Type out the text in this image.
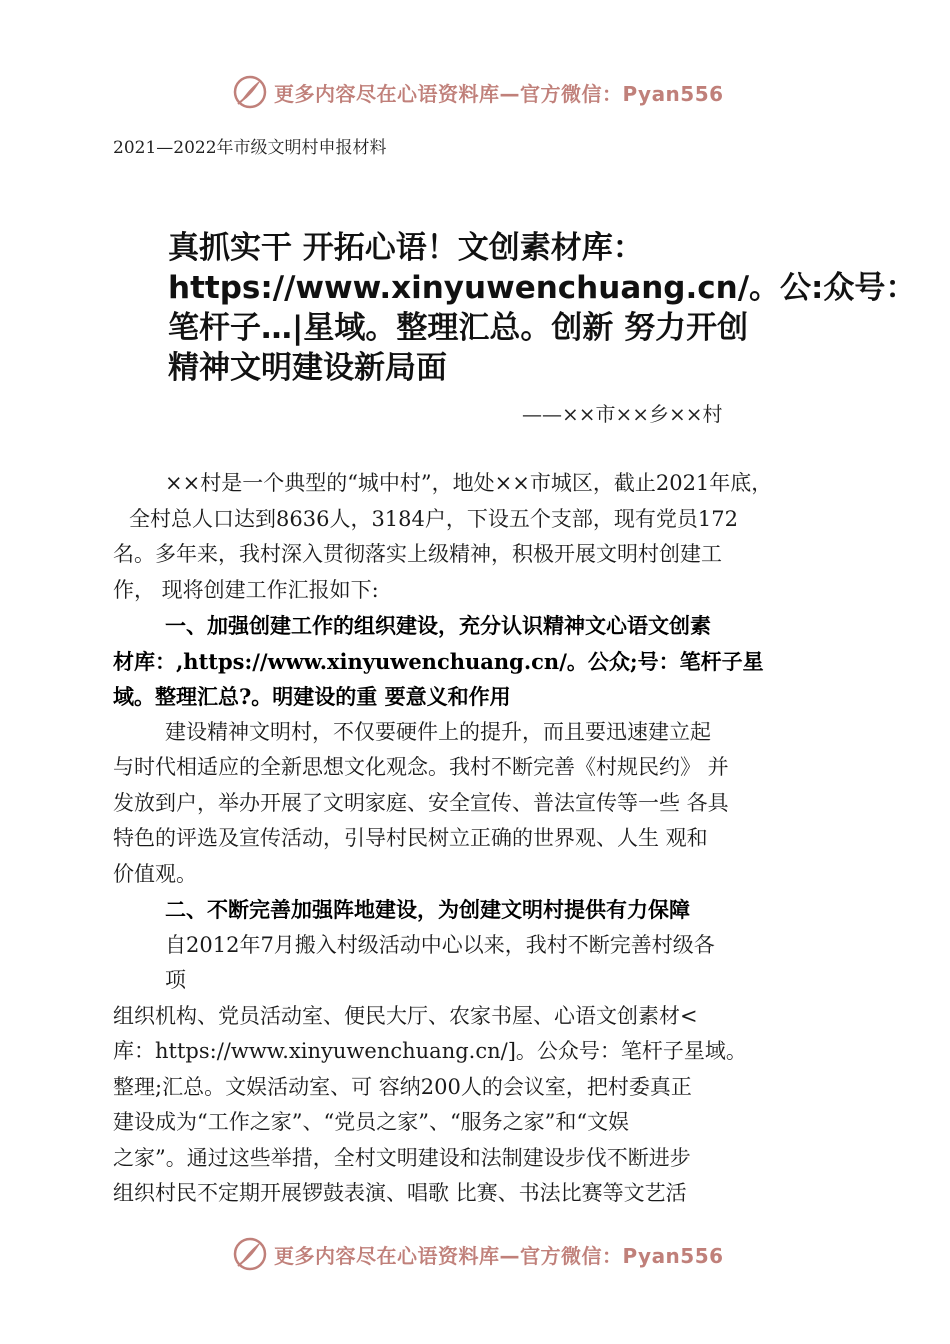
更多内容尽在心语资料库—官方微信：Pyan556
2021—2022年市级文明村申报材料
真抓实干 开拓心语！文创素材库：
https://www.xinyuwenchuang.cn/。公:众号：
笔杆子…|星域。整理汇总。创新 努力开创
精神文明建设新局面
——××市××乡××村
××村是一个典型的“城中村”，地处××市城区，截止2021年底，
全村总人口达到8636人，3184户，下设五个支部，现有党员172
名。多年来，我村深入贯彻落实上级精神，积极开展文明村创建工
作， 现将创建工作汇报如下:
一、加强创建工作的组织建设，充分认识精神文心语文创素
材库：,https://www.xinyuwenchuang.cn/。公众;号：笔杆子星
域。整理汇总?。明建设的重 要意义和作用
建设精神文明村，不仅要硬件上的提升，而且要迅速建立起
与时代相适应的全新思想文化观念。我村不断完善《村规民约》 并
发放到户，举办开展了文明家庭、安全宣传、普法宣传等一些 各具
特色的评选及宣传活动，引导村民树立正确的世界观、人生 观和
价值观。
二、不断完善加强阵地建设，为创建文明村提供有力保障
自2012年7月搬入村级活动中心以来，我村不断完善村级各
项
组织机构、党员活动室、便民大厅、农家书屋、心语文创素材<
库：https://www.xinyuwenchuang.cn/]。公众号：笔杆子星域。
整理;汇总。文娱活动室、可 容纳200人的会议室，把村委真正
建设成为“工作之家”、“党员之家”、“服务之家”和“文娱
之家”。通过这些举措，全村文明建设和法制建设步伐不断进步
组织村民不定期开展锣鼓表演、唱歌 比赛、书法比赛等文艺活
更多内容尽在心语资料库—官方微信：Pyan556
